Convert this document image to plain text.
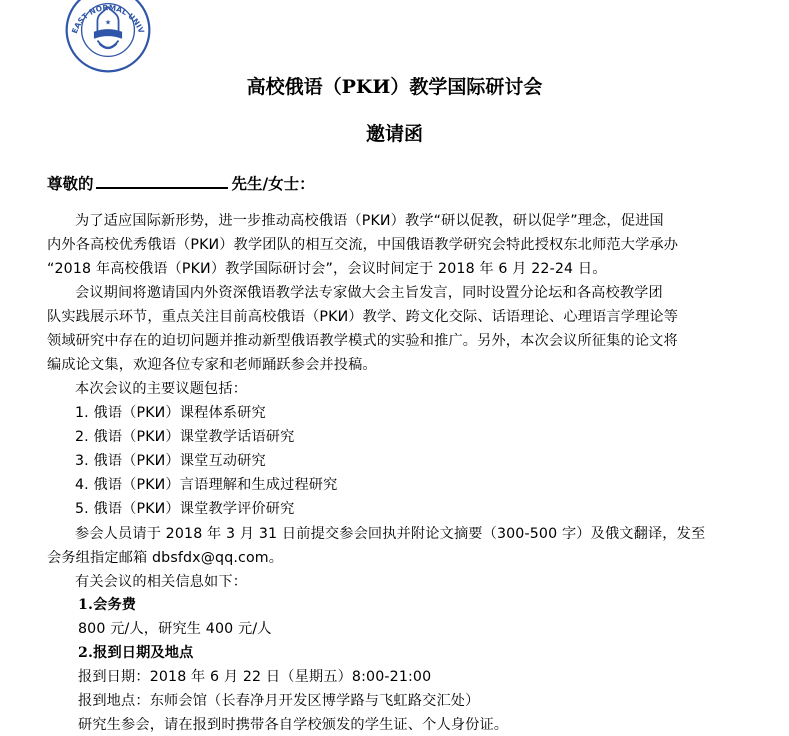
★
EAST NORMAL UNIV
高校俄语（PKИ）教学国际研讨会
邀请函
尊敬的	先生/女士：
为了适应国际新形势，进一步推动高校俄语（PKИ）教学“研以促教，研以促学”理念，促进国
内外各高校优秀俄语（PKИ）教学团队的相互交流，中国俄语教学研究会特此授权东北师范大学承办
“2018 年高校俄语（PKИ）教学国际研讨会”，会议时间定于 2018 年 6 月 22-24 日。
会议期间将邀请国内外资深俄语教学法专家做大会主旨发言，同时设置分论坛和各高校教学团
队实践展示环节，重点关注目前高校俄语（PKИ）教学、跨文化交际、话语理论、心理语言学理论等
领域研究中存在的迫切问题并推动新型俄语教学模式的实验和推广。另外，本次会议所征集的论文将
编成论文集，欢迎各位专家和老师踊跃参会并投稿。
本次会议的主要议题包括：
1. 俄语（PKИ）课程体系研究
2. 俄语（PKИ）课堂教学话语研究
3. 俄语（PKИ）课堂互动研究
4. 俄语（PKИ）言语理解和生成过程研究
5. 俄语（PKИ）课堂教学评价研究
参会人员请于 2018 年 3 月 31 日前提交参会回执并附论文摘要（300-500 字）及俄文翻译，发至
会务组指定邮箱 dbsfdx@qq.com。
有关会议的相关信息如下：
1.会务费
800 元/人，研究生 400 元/人
2.报到日期及地点
报到日期：2018 年 6 月 22 日（星期五）8:00-21:00
报到地点：东师会馆（长春净月开发区博学路与飞虹路交汇处）
研究生参会，请在报到时携带各自学校颁发的学生证、个人身份证。
